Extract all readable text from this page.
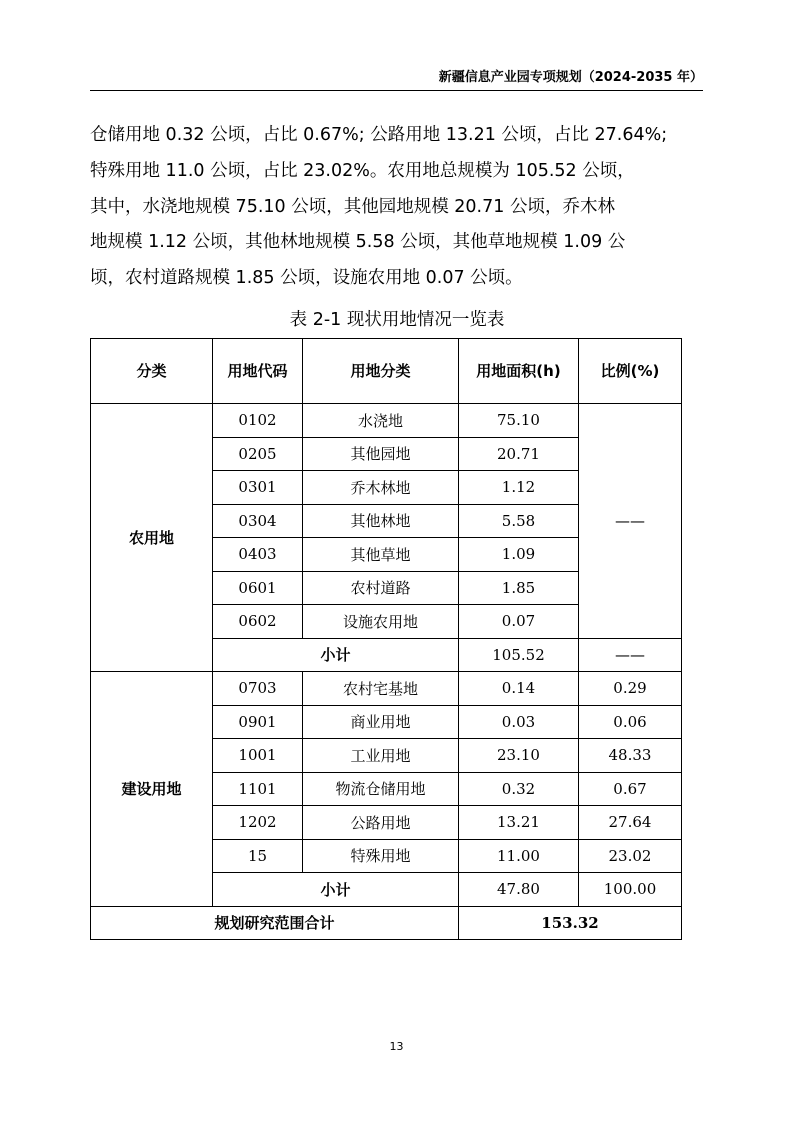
新疆信息产业园专项规划（2024-2035 年）

仓储用地 0.32 公顷，占比 0.67%; 公路用地 13.21 公顷，占比 27.64%;
特殊用地 11.0 公顷，占比 23.02%。农用地总规模为 105.52 公顷，
其中，水浇地规模 75.10 公顷，其他园地规模 20.71 公顷，乔木林
地规模 1.12 公顷，其他林地规模 5.58 公顷，其他草地规模 1.09 公
顷，农村道路规模 1.85 公顷，设施农用地 0.07 公顷。

表 2-1 现状用地情况一览表
分类	用地代码	用地分类	用地面积(h)	比例(%)
农用地	0102	水浇地	75.10	——
	0205	其他园地	20.71	
	0301	乔木林地	1.12	
	0304	其他林地	5.58	
	0403	其他草地	1.09	
	0601	农村道路	1.85	
	0602	设施农用地	0.07	
	小计		105.52	——
建设用地	0703	农村宅基地	0.14	0.29
	0901	商业用地	0.03	0.06
	1001	工业用地	23.10	48.33
	1101	物流仓储用地	0.32	0.67
	1202	公路用地	13.21	27.64
	15	特殊用地	11.00	23.02
	小计		47.80	100.00
规划研究范围合计			153.32	
13
